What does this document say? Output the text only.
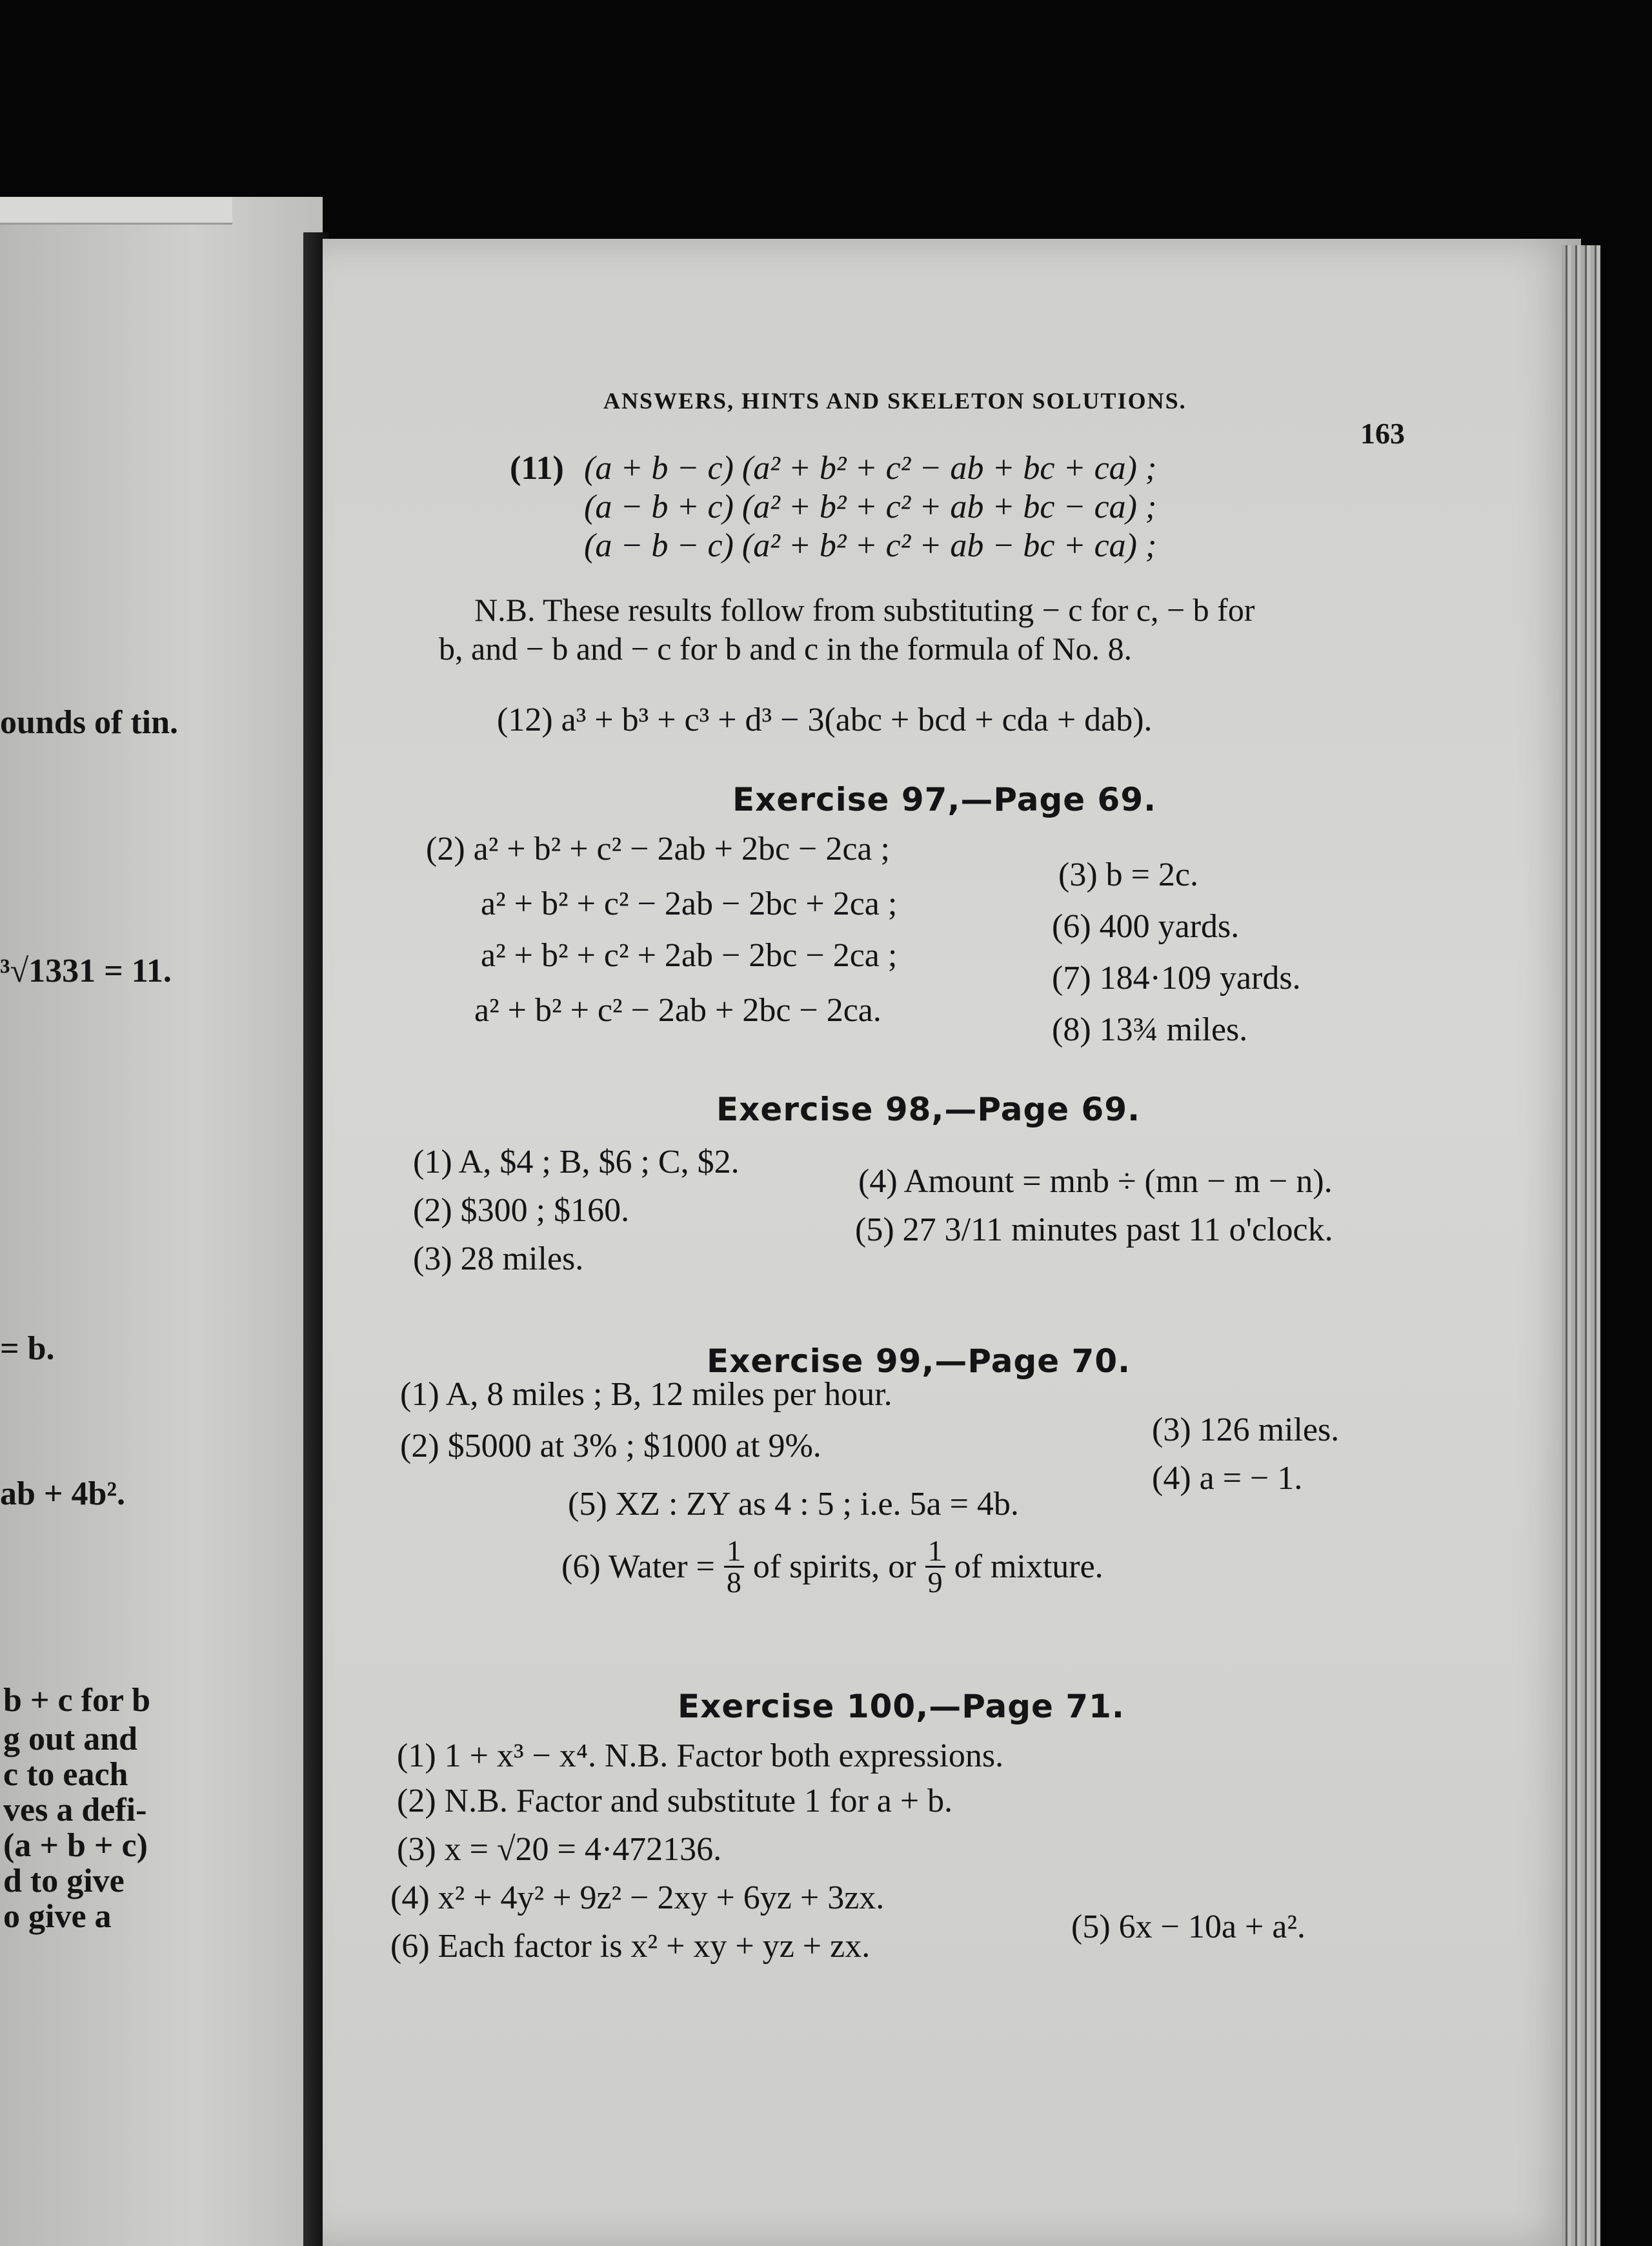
ounds of tin.
³√1331 = 11.
= b.
ab + 4b².
b + c for b
g out and
c to each
ves a defi-
(a + b + c)
d to give
o give a
ANSWERS, HINTS AND SKELETON SOLUTIONS.
163
(11) (a + b − c) (a² + b² + c² − ab + bc + ca) ;
(a − b + c) (a² + b² + c² + ab + bc − ca) ;
(a − b − c) (a² + b² + c² + ab − bc + ca) ;
N.B. These results follow from substituting − c for c, − b for
b, and − b and − c for b and c in the formula of No. 8.
(12) a³ + b³ + c³ + d³ − 3(abc + bcd + cda + dab).
Exercise 97,—Page 69.
(2) a² + b² + c² − 2ab + 2bc − 2ca ;
a² + b² + c² − 2ab − 2bc + 2ca ;
a² + b² + c² + 2ab − 2bc − 2ca ;
a² + b² + c² − 2ab + 2bc − 2ca.
(3) b = 2c.
(6) 400 yards.
(7) 184·109 yards.
(8) 13¾ miles.
Exercise 98,—Page 69.
(1) A, $4 ; B, $6 ; C, $2.
(2) $300 ; $160.
(3) 28 miles.
(4) Amount = mnb ÷ (mn − m − n).
(5) 27 3/11 minutes past 11 o'clock.
Exercise 99,—Page 70.
(1) A, 8 miles ; B, 12 miles per hour.
(2) $5000 at 3% ; $1000 at 9%.	(3) 126 miles.
(4) a = − 1.
(5) XZ : ZY as 4 : 5 ; i.e. 5a = 4b.
(6) Water = $\frac{1}{8}$ of spirits, or $\frac{1}{9}$ of mixture.
Exercise 100,—Page 71.
(1) 1 + x³ − x⁴. N.B. Factor both expressions.
(2) N.B. Factor and substitute 1 for a + b.
(3) x = √20 = 4·472136.
(4) x² + 4y² + 9z² − 2xy + 6yz + 3zx.
(6) Each factor is x² + xy + yz + zx.
(5) 6x − 10a + a².
